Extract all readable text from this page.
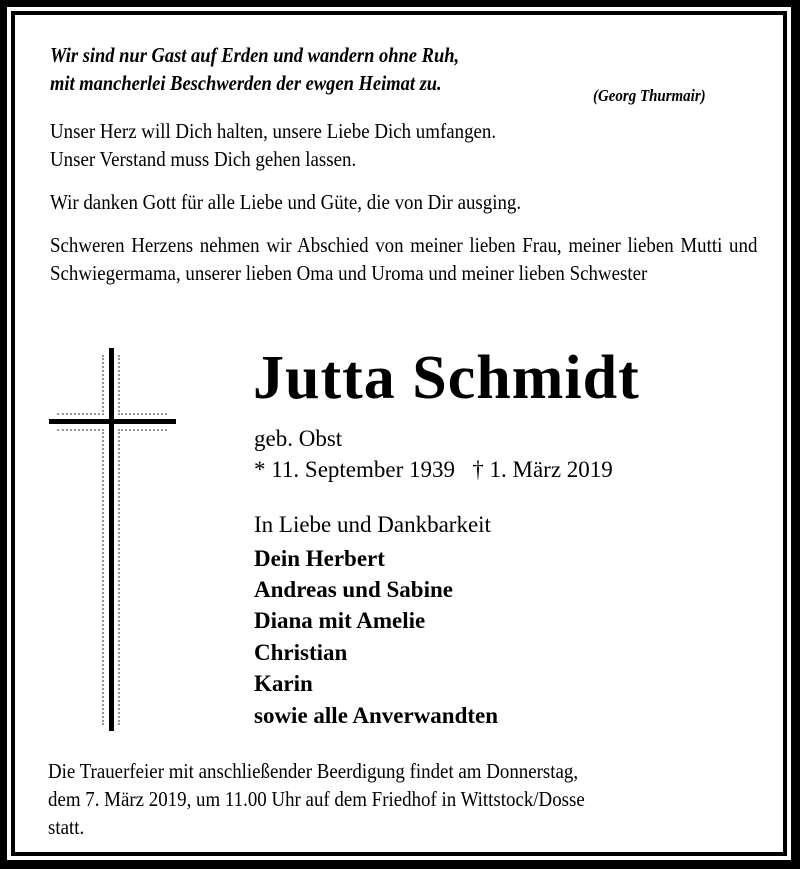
Wir sind nur Gast auf Erden und wandern ohne Ruh,
mit mancherlei Beschwerden der ewgen Heimat zu.
(Georg Thurmair)
Unser Herz will Dich halten, unsere Liebe Dich umfangen.
Unser Verstand muss Dich gehen lassen.
Wir danken Gott für alle Liebe und Güte, die von Dir ausging.
Schweren Herzens nehmen wir Abschied von meiner lieben Frau, meiner lieben Mutti und Schwiegermama, unserer lieben Oma und Uroma und meiner lieben Schwester
Jutta Schmidt
geb. Obst
* 11. September 1939   † 1. März 2019
In Liebe und Dankbarkeit
Dein Herbert
Andreas und Sabine
Diana mit Amelie
Christian
Karin
sowie alle Anverwandten
Die Trauerfeier mit anschließender Beerdigung findet am Donnerstag,
dem 7. März 2019, um 11.00 Uhr auf dem Friedhof in Wittstock/Dosse
statt.
